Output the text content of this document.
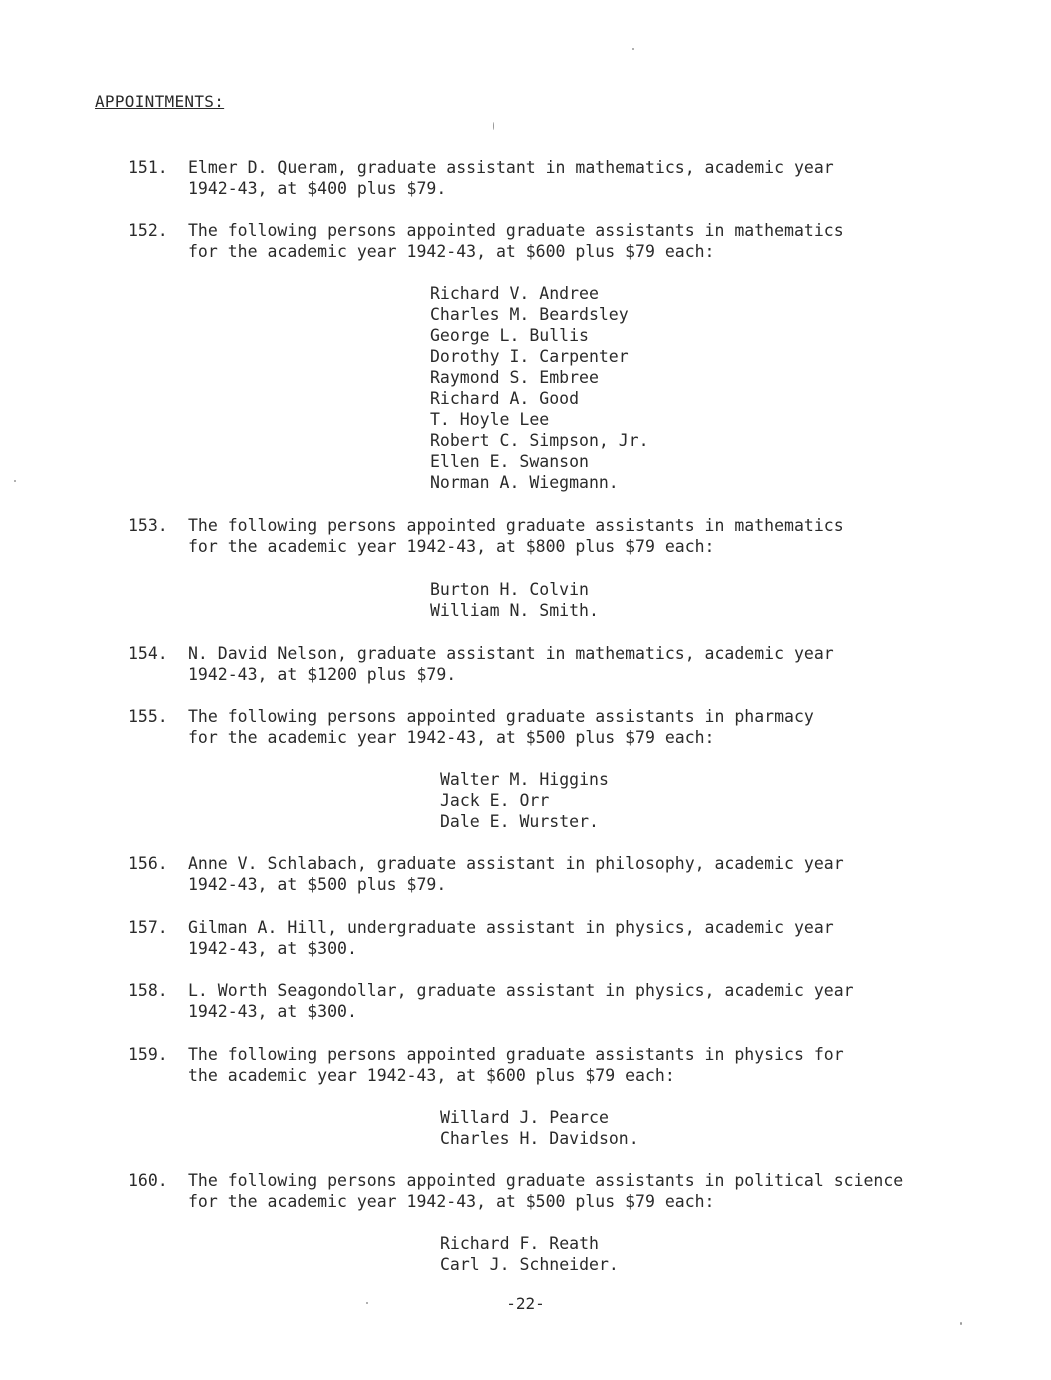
APPOINTMENTS:
151. Elmer D. Queram, graduate assistant in mathematics, academic year
1942-43, at $400 plus $79.
152. The following persons appointed graduate assistants in mathematics
for the academic year 1942-43, at $600 plus $79 each:
Richard V. Andree
Charles M. Beardsley
George L. Bullis
Dorothy I. Carpenter
Raymond S. Embree
Richard A. Good
T. Hoyle Lee
Robert C. Simpson, Jr.
Ellen E. Swanson
Norman A. Wiegmann.
153. The following persons appointed graduate assistants in mathematics
for the academic year 1942-43, at $800 plus $79 each:
Burton H. Colvin
William N. Smith.
154. N. David Nelson, graduate assistant in mathematics, academic year
1942-43, at $1200 plus $79.
155. The following persons appointed graduate assistants in pharmacy
for the academic year 1942-43, at $500 plus $79 each:
Walter M. Higgins
Jack E. Orr
Dale E. Wurster.
156. Anne V. Schlabach, graduate assistant in philosophy, academic year
1942-43, at $500 plus $79.
157. Gilman A. Hill, undergraduate assistant in physics, academic year
1942-43, at $300.
158. L. Worth Seagondollar, graduate assistant in physics, academic year
1942-43, at $300.
159. The following persons appointed graduate assistants in physics for
the academic year 1942-43, at $600 plus $79 each:
Willard J. Pearce
Charles H. Davidson.
160. The following persons appointed graduate assistants in political science
for the academic year 1942-43, at $500 plus $79 each:
Richard F. Reath
Carl J. Schneider.
-22-
